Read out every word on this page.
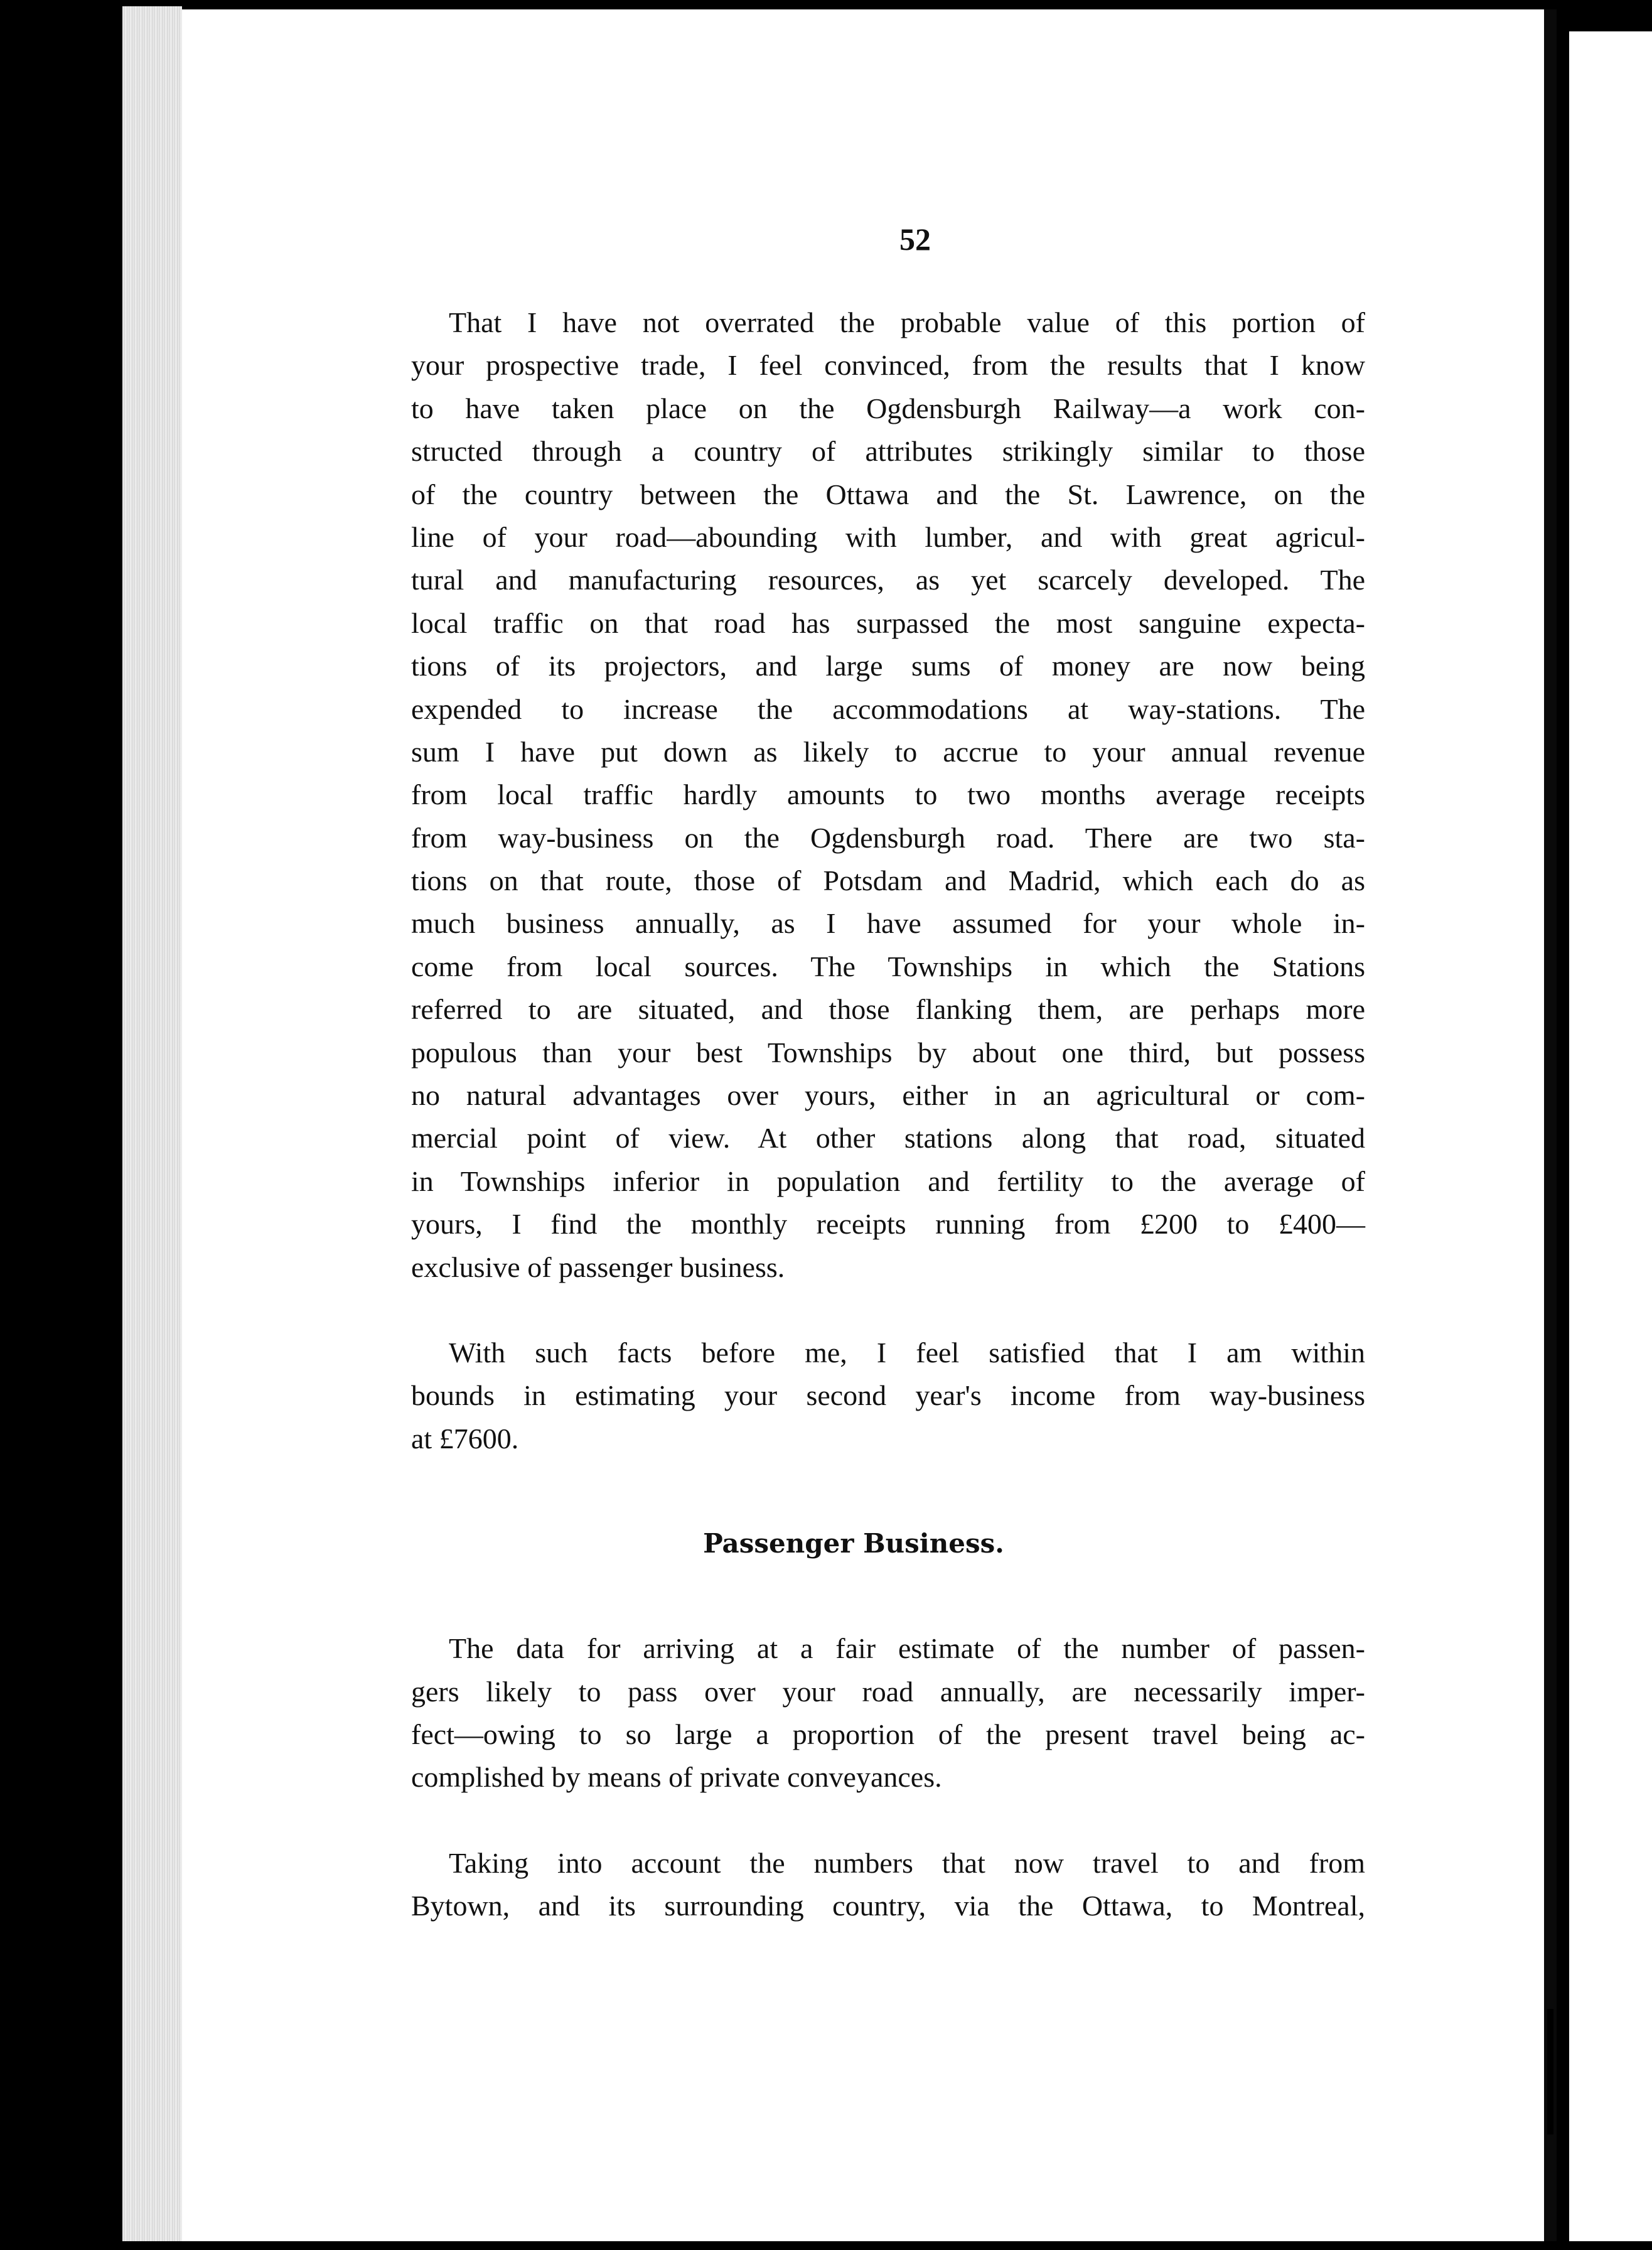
52
That I have not overrated the probable value of this portion of
your prospective trade, I feel convinced, from the results that I know
to have taken place on the Ogdensburgh Railway—a work con-
structed through a country of attributes strikingly similar to those
of the country between the Ottawa and the St. Lawrence, on the
line of your road—abounding with lumber, and with great agricul-
tural and manufacturing resources, as yet scarcely developed. The
local traffic on that road has surpassed the most sanguine expecta-
tions of its projectors, and large sums of money are now being
expended to increase the accommodations at way-stations. The
sum I have put down as likely to accrue to your annual revenue
from local traffic hardly amounts to two months average receipts
from way-business on the Ogdensburgh road. There are two sta-
tions on that route, those of Potsdam and Madrid, which each do as
much business annually, as I have assumed for your whole in-
come from local sources. The Townships in which the Stations
referred to are situated, and those flanking them, are perhaps more
populous than your best Townships by about one third, but possess
no natural advantages over yours, either in an agricultural or com-
mercial point of view. At other stations along that road, situated
in Townships inferior in population and fertility to the average of
yours, I find the monthly receipts running from £200 to £400—
exclusive of passenger business.
With such facts before me, I feel satisfied that I am within
bounds in estimating your second year's income from way-business
at £7600.
Passenger Business.
The data for arriving at a fair estimate of the number of passen-
gers likely to pass over your road annually, are necessarily imper-
fect—owing to so large a proportion of the present travel being ac-
complished by means of private conveyances.
Taking into account the numbers that now travel to and from
Bytown, and its surrounding country, via the Ottawa, to Montreal,
